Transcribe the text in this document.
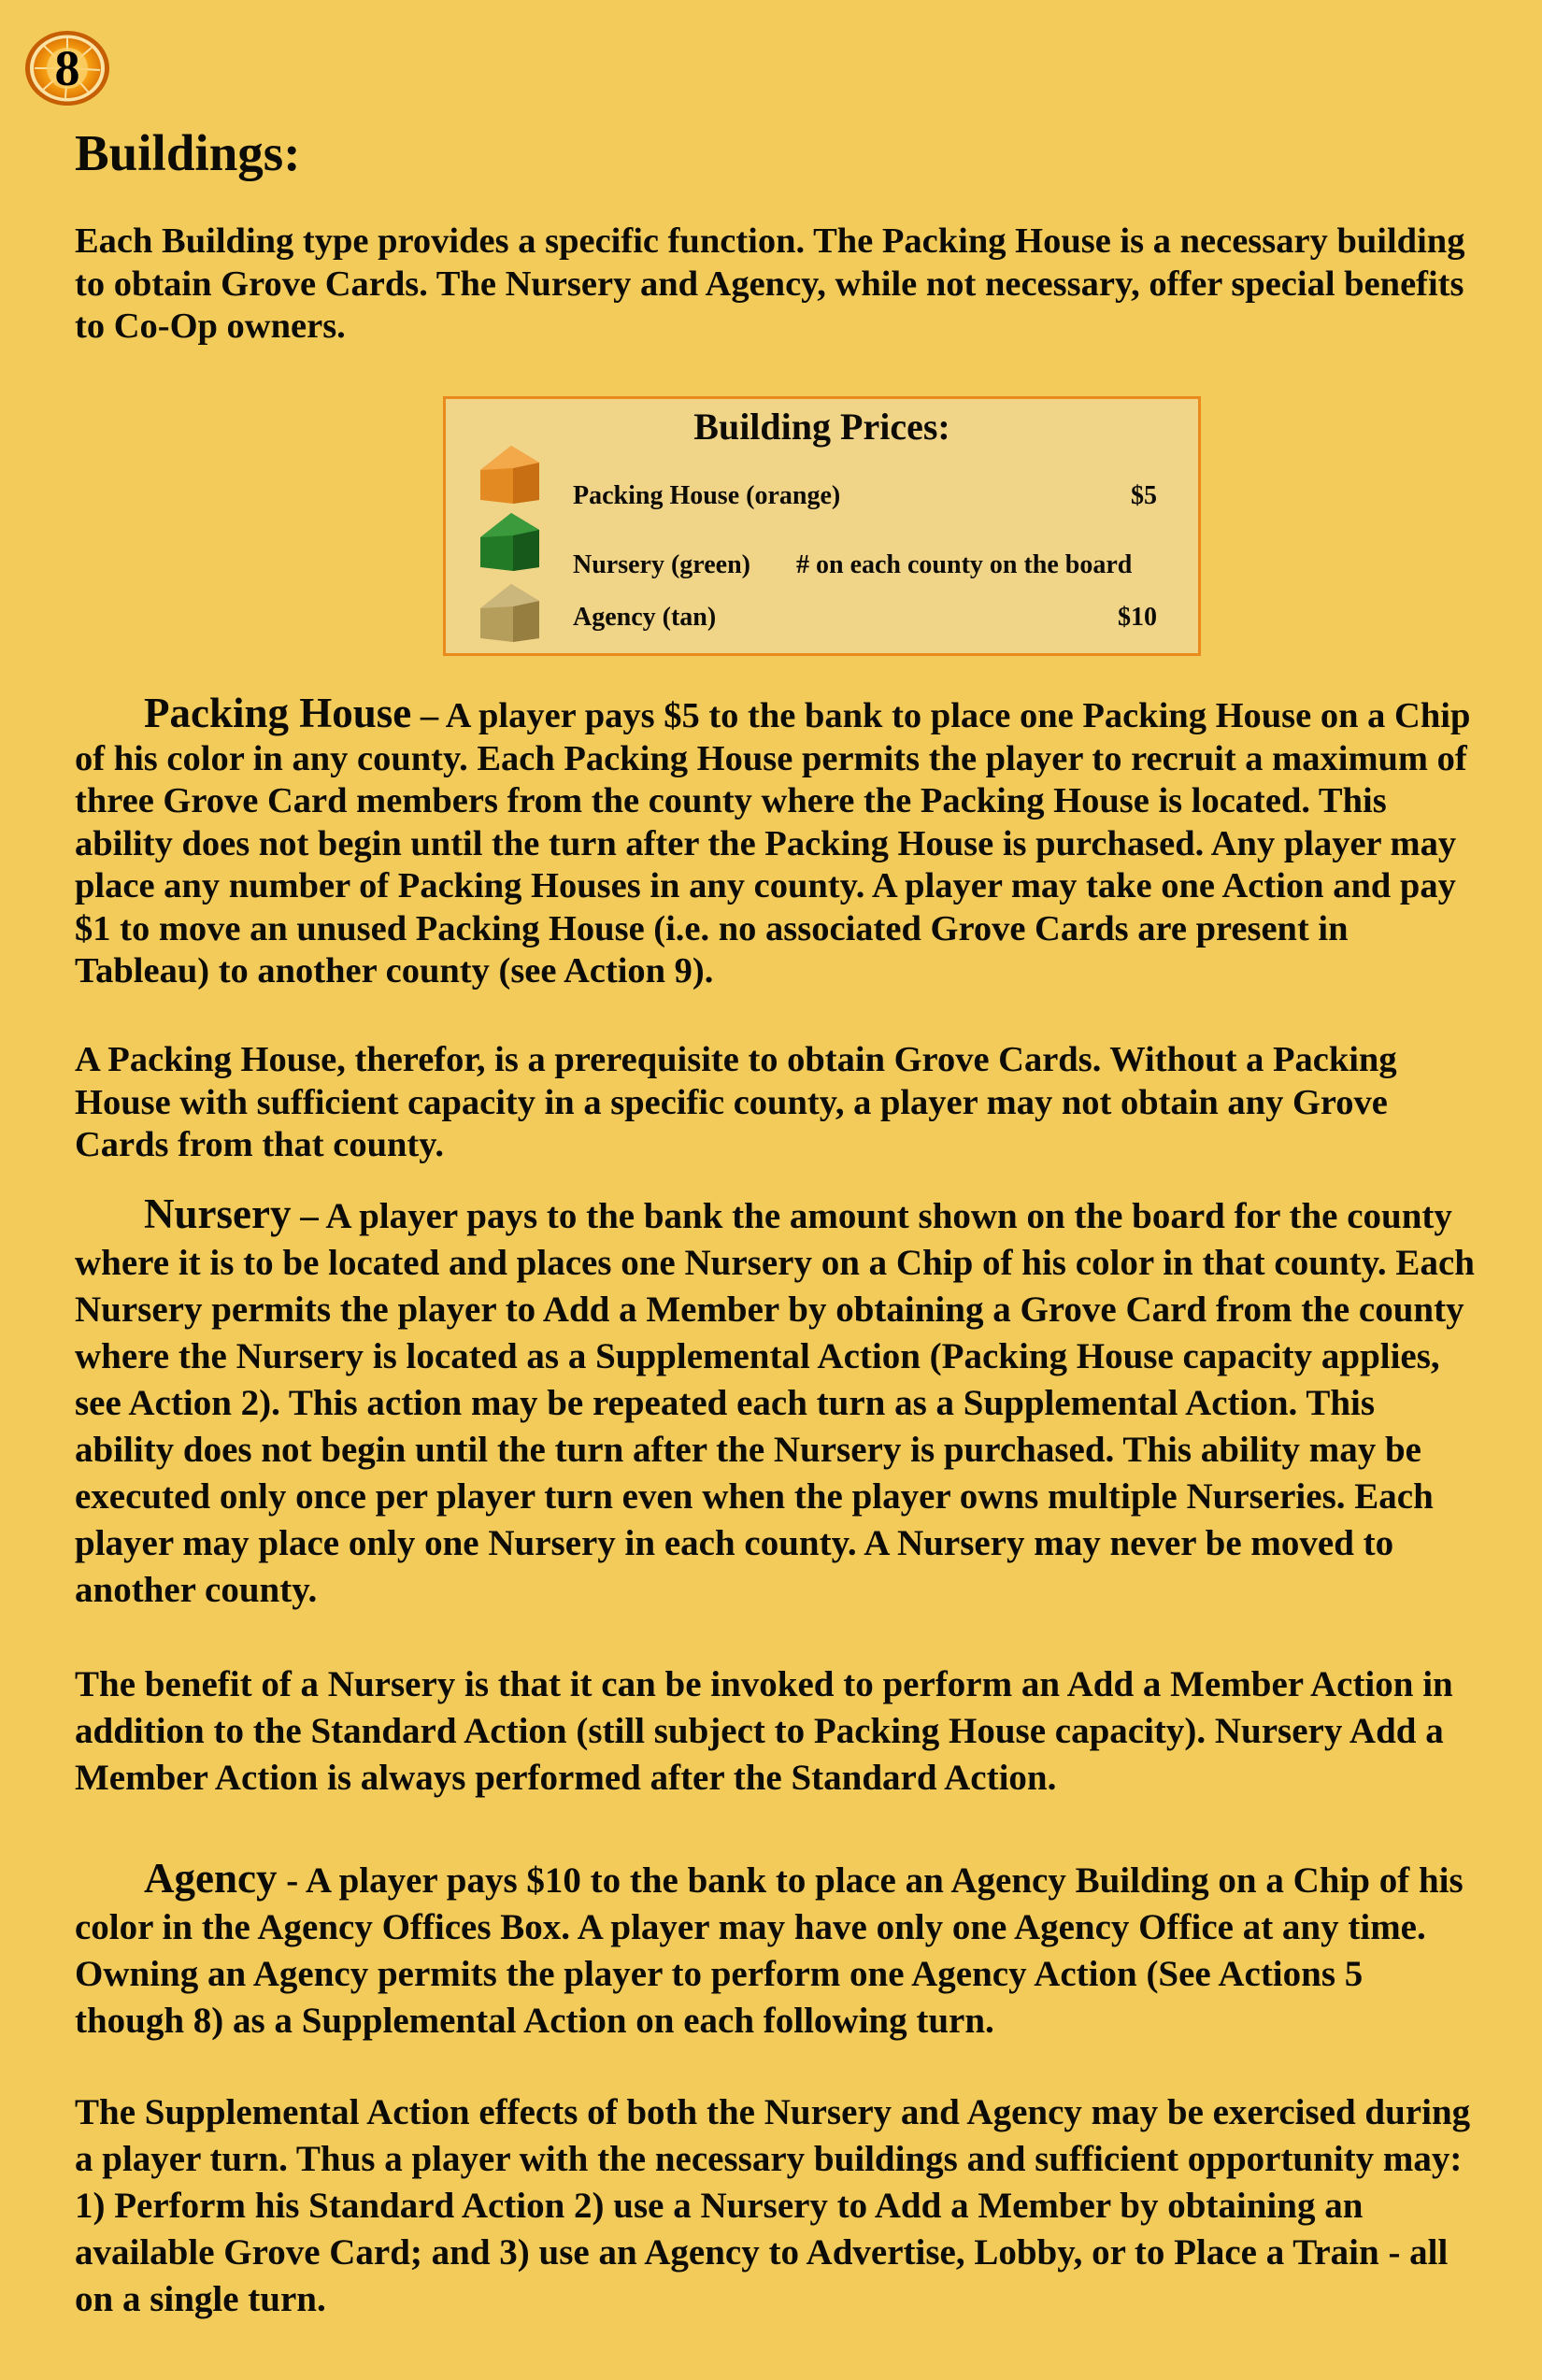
8
Buildings:

Each Building type provides a specific function. The Packing House is a necessary building to obtain Grove Cards. The Nursery and Agency, while not necessary, offer special benefits to Co-Op owners.

Building Prices:
Packing House (orange)	$5
Nursery (green) # on each county on the board
Agency (tan)	$10

Packing House – A player pays $5 to the bank to place one Packing House on a Chip of his color in any county. Each Packing House permits the player to recruit a maximum of three Grove Card members from the county where the Packing House is located. This ability does not begin until the turn after the Packing House is purchased. Any player may place any number of Packing Houses in any county. A player may take one Action and pay $1 to move an unused Packing House (i.e. no associated Grove Cards are present in Tableau) to another county (see Action 9).

A Packing House, therefor, is a prerequisite to obtain Grove Cards. Without a Packing House with sufficient capacity in a specific county, a player may not obtain any Grove Cards from that county.

Nursery – A player pays to the bank the amount shown on the board for the county where it is to be located and places one Nursery on a Chip of his color in that county. Each Nursery permits the player to Add a Member by obtaining a Grove Card from the county where the Nursery is located as a Supplemental Action (Packing House capacity applies, see Action 2). This action may be repeated each turn as a Supplemental Action. This ability does not begin until the turn after the Nursery is purchased. This ability may be executed only once per player turn even when the player owns multiple Nurseries. Each player may place only one Nursery in each county. A Nursery may never be moved to another county.

The benefit of a Nursery is that it can be invoked to perform an Add a Member Action in addition to the Standard Action (still subject to Packing House capacity). Nursery Add a Member Action is always performed after the Standard Action.

Agency - A player pays $10 to the bank to place an Agency Building on a Chip of his color in the Agency Offices Box. A player may have only one Agency Office at any time. Owning an Agency permits the player to perform one Agency Action (See Actions 5 though 8) as a Supplemental Action on each following turn.

The Supplemental Action effects of both the Nursery and Agency may be exercised during a player turn. Thus a player with the necessary buildings and sufficient opportunity may: 1) Perform his Standard Action 2) use a Nursery to Add a Member by obtaining an available Grove Card; and 3) use an Agency to Advertise, Lobby, or to Place a Train - all on a single turn.
